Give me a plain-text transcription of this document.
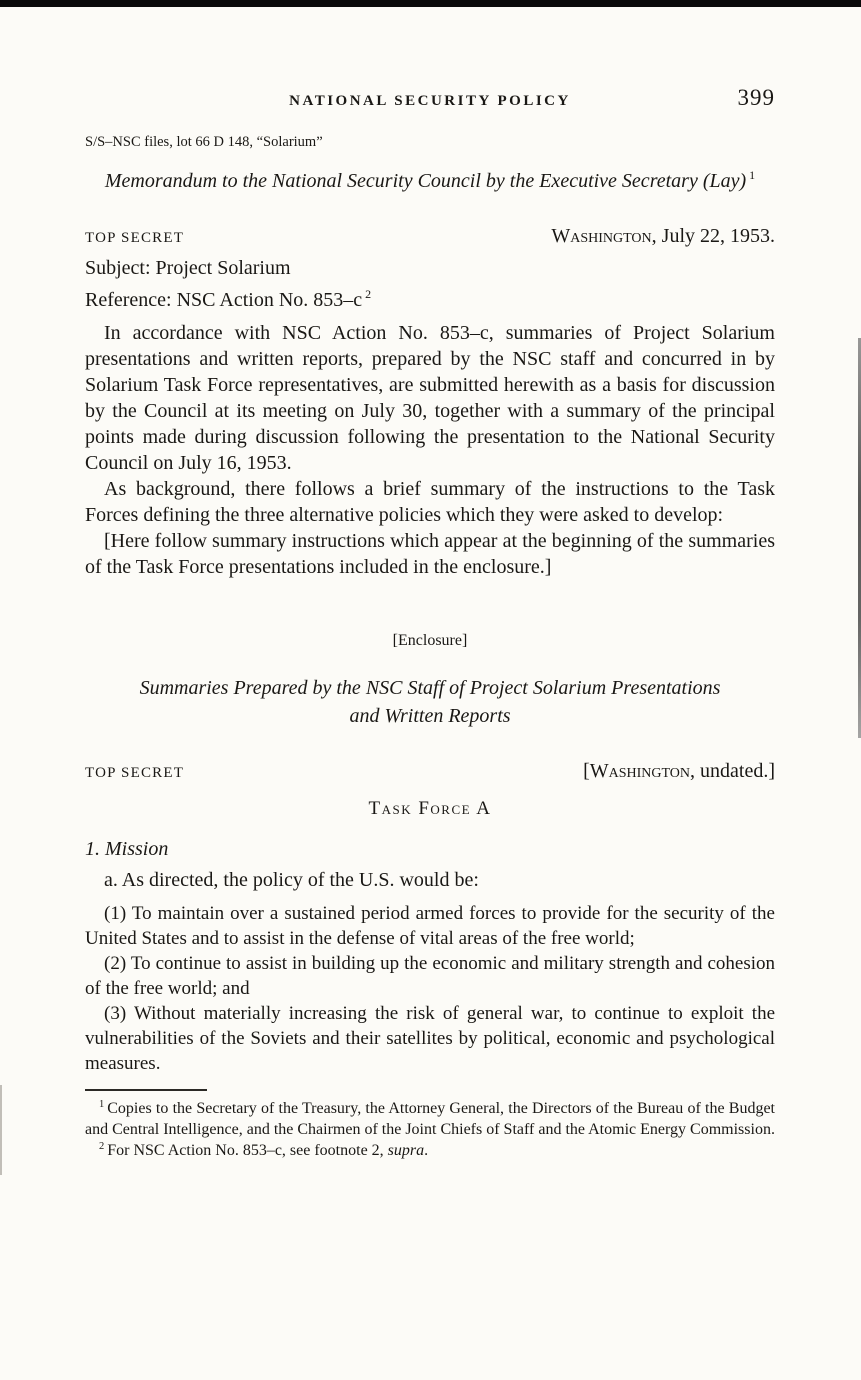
NATIONAL SECURITY POLICY	399
S/S–NSC files, lot 66 D 148, “Solarium”
Memorandum to the National Security Council by the Executive Secretary (Lay) $^1$
TOP SECRET	Washington, July 22, 1953.
Subject: Project Solarium
Reference: NSC Action No. 853–c $^2$

In accordance with NSC Action No. 853–c, summaries of Project Solarium presentations and written reports, prepared by the NSC staff and concurred in by Solarium Task Force representatives, are submitted herewith as a basis for discussion by the Council at its meeting on July 30, together with a summary of the principal points made during discussion following the presentation to the National Security Council on July 16, 1953.

As background, there follows a brief summary of the instructions to the Task Forces defining the three alternative policies which they were asked to develop:

[Here follow summary instructions which appear at the beginning of the summaries of the Task Force presentations included in the enclosure.]

[Enclosure]
Summaries Prepared by the NSC Staff of Project Solarium Presentations and Written Reports
TOP SECRET	[Washington, undated.]
Task Force A
1. Mission

a. As directed, the policy of the U.S. would be:

(1) To maintain over a sustained period armed forces to provide for the security of the United States and to assist in the defense of vital areas of the free world;

(2) To continue to assist in building up the economic and military strength and cohesion of the free world; and

(3) Without materially increasing the risk of general war, to continue to exploit the vulnerabilities of the Soviets and their satellites by political, economic and psychological measures.

$^1$ Copies to the Secretary of the Treasury, the Attorney General, the Directors of the Bureau of the Budget and Central Intelligence, and the Chairmen of the Joint Chiefs of Staff and the Atomic Energy Commission.

$^2$ For NSC Action No. 853–c, see footnote 2, supra.
